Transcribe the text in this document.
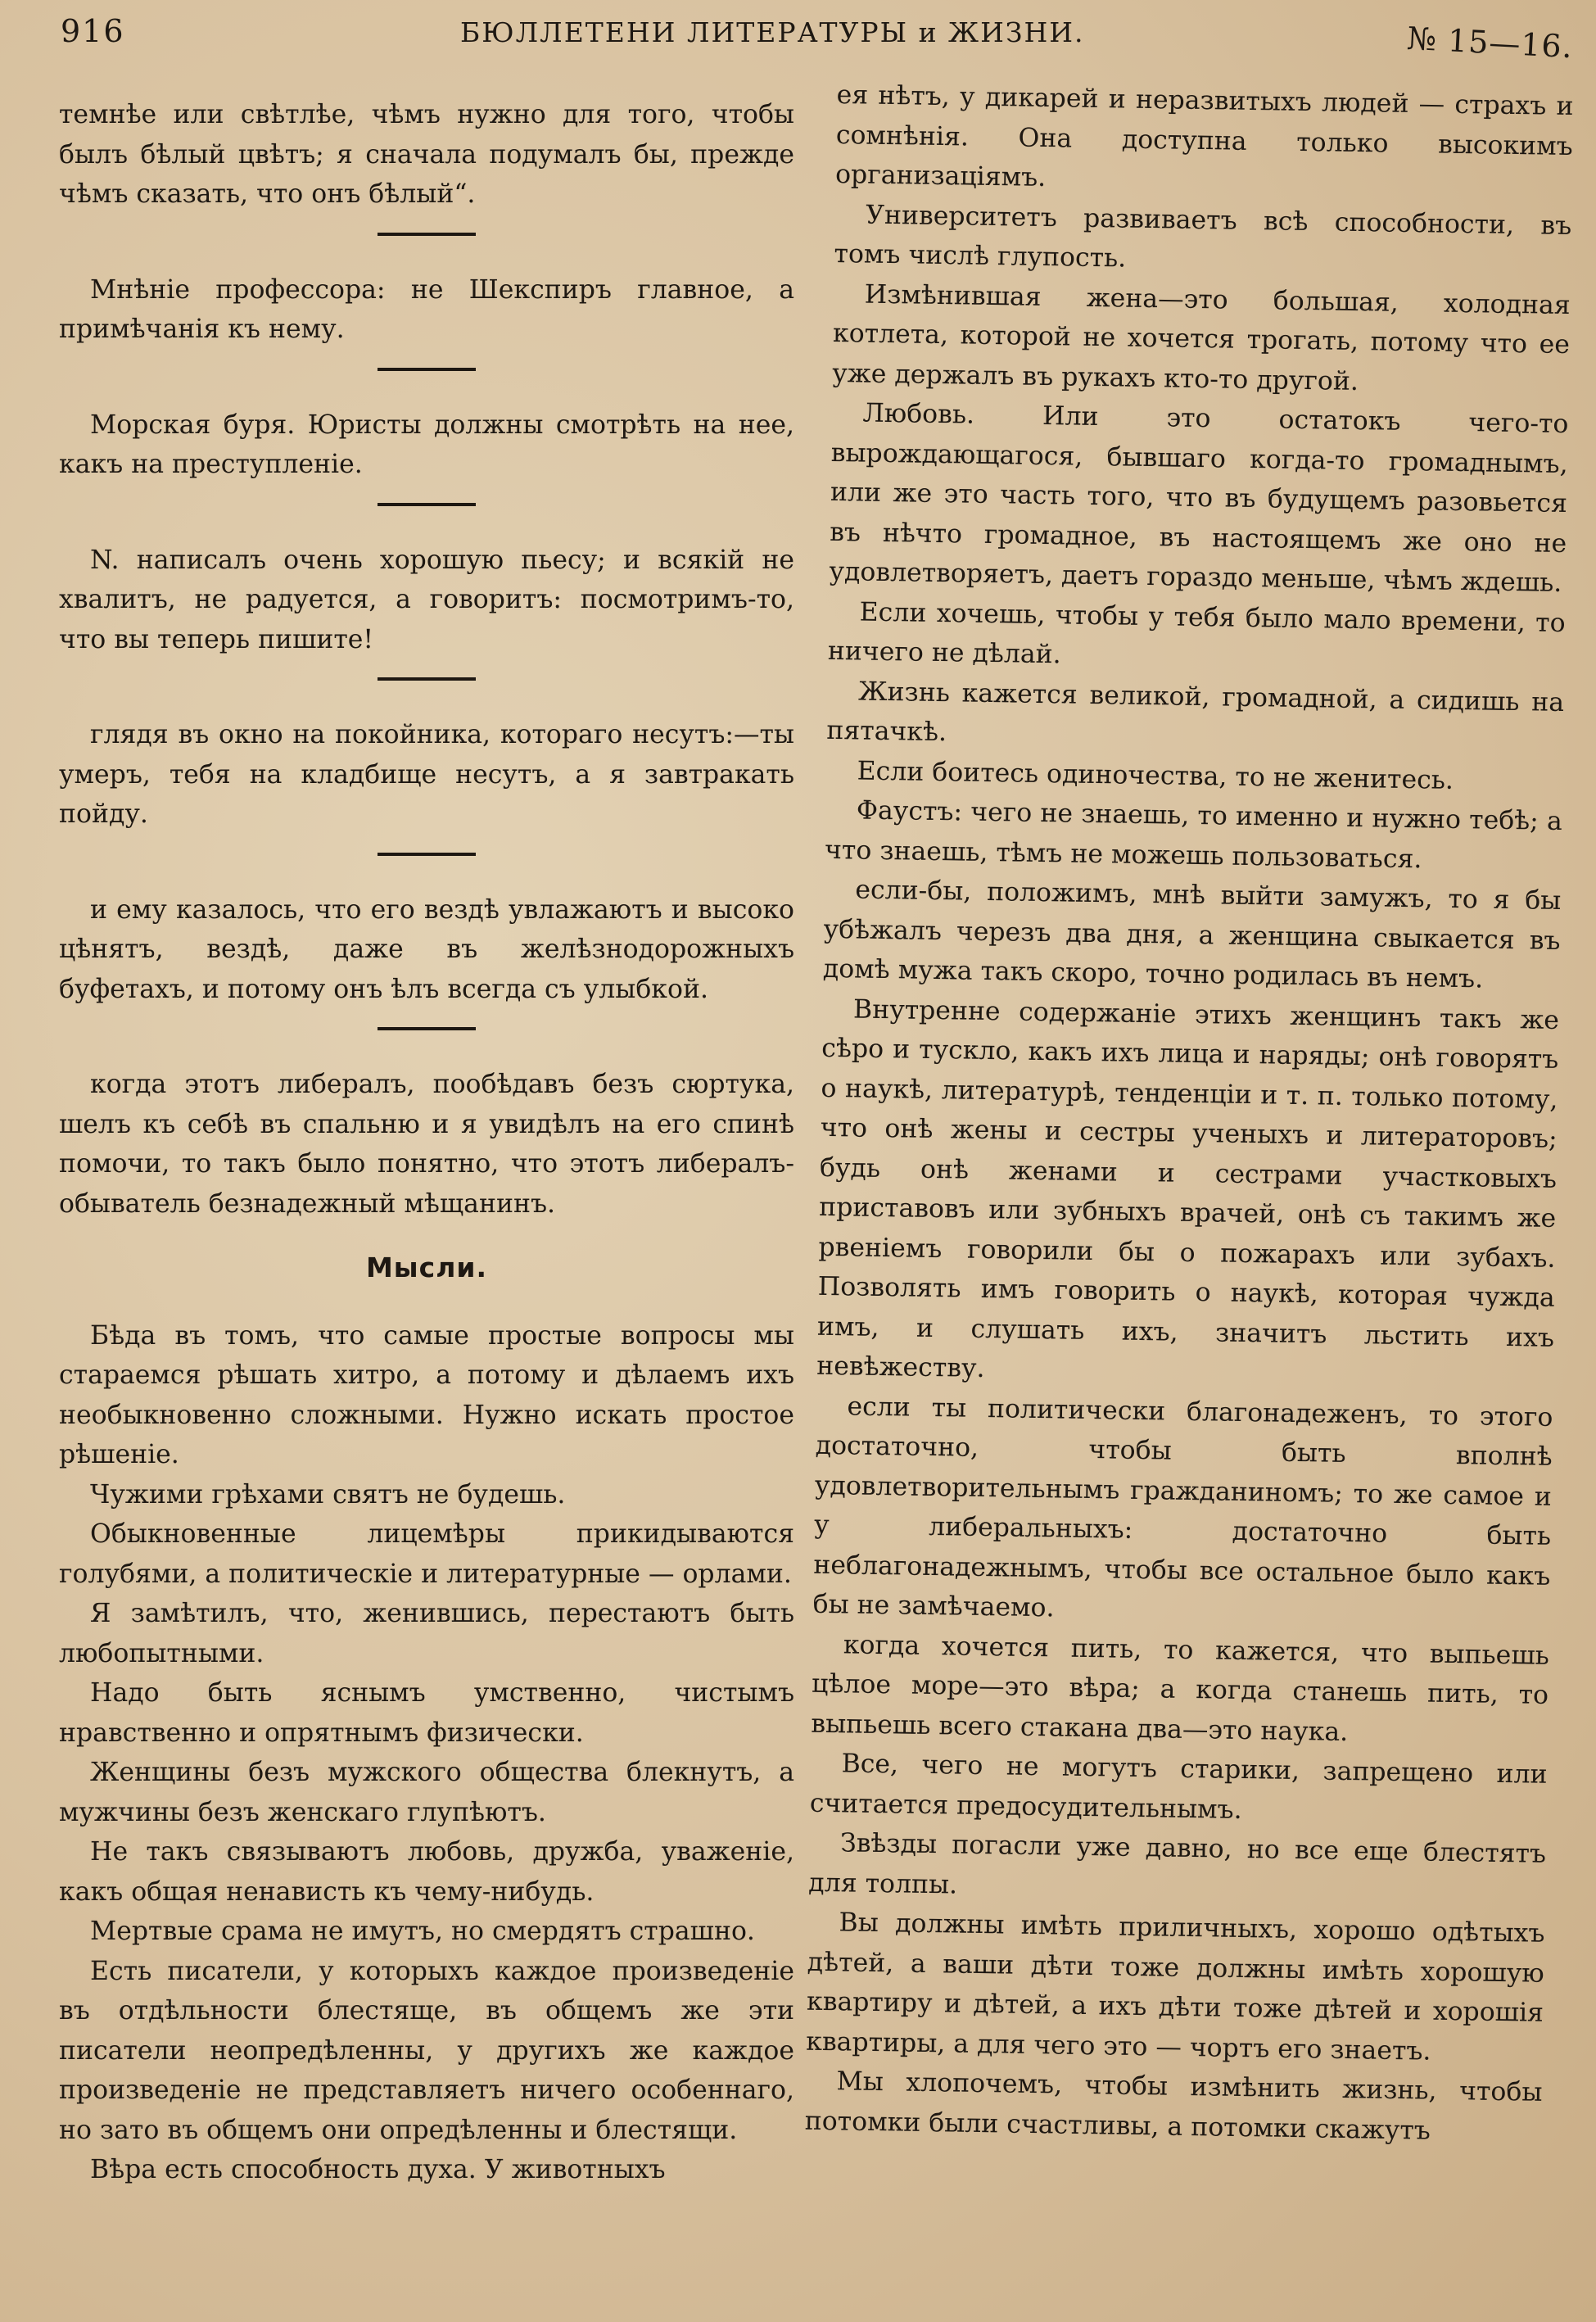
916	БЮЛЛЕТЕНИ ЛИТЕРАТУРЫ и ЖИЗНИ.	№ 15—16.

темнѣе или свѣтлѣе, чѣмъ нужно для того, чтобы былъ бѣлый цвѣтъ; я сначала подумалъ бы, прежде чѣмъ сказать, что онъ бѣлый“.

Мнѣніе профессора: не Шекспиръ главное, а примѣчанія къ нему.

Морская буря. Юристы должны смотрѣть на нее, какъ на преступленіе.

N. написалъ очень хорошую пьесу; и всякій не хвалитъ, не радуется, а говоритъ: посмотримъ-то, что вы теперь пишите!

глядя въ окно на покойника, котораго несутъ:—ты умеръ, тебя на кладбище несутъ, а я завтракать пойду.

и ему казалось, что его вездѣ увлажаютъ и высоко цѣнятъ, вездѣ, даже въ желѣзнодорожныхъ буфетахъ, и потому онъ ѣлъ всегда съ улыбкой.

когда этотъ либералъ, пообѣдавъ безъ сюртука, шелъ къ себѣ въ спальню и я увидѣлъ на его спинѣ помочи, то такъ было понятно, что этотъ либералъ-обыватель безнадежный мѣщанинъ.

Мысли.

Бѣда въ томъ, что самые простые вопросы мы стараемся рѣшать хитро, а потому и дѣлаемъ ихъ необыкновенно сложными. Нужно искать простое рѣшеніе.

Чужими грѣхами святъ не будешь.

Обыкновенные лицемѣры прикидываются голубями, а политическіе и литературные — орлами.

Я замѣтилъ, что, женившись, перестаютъ быть любопытными.

Надо быть яснымъ умственно, чистымъ нравственно и опрятнымъ физически.

Женщины безъ мужского общества блекнутъ, а мужчины безъ женскаго глупѣютъ.

Не такъ связываютъ любовь, дружба, уваженіе, какъ общая ненависть къ чему-нибудь.

Мертвые срама не имутъ, но смердятъ страшно.

Есть писатели, у которыхъ каждое произведеніе въ отдѣльности блестяще, въ общемъ же эти писатели неопредѣленны, у другихъ же каждое произведеніе не представляетъ ничего особеннаго, но зато въ общемъ они опредѣленны и блестящи.

Вѣра есть способность духа. У животныхъ

ея нѣтъ, у дикарей и неразвитыхъ людей — страхъ и сомнѣнія. Она доступна только высокимъ организаціямъ.

Университетъ развиваетъ всѣ способности, въ томъ числѣ глупость.

Измѣнившая жена—это большая, холодная котлета, которой не хочется трогать, потому что ее уже держалъ въ рукахъ кто-то другой.

Любовь. Или это остатокъ чего-то вырождающагося, бывшаго когда-то громаднымъ, или же это часть того, что въ будущемъ разовьется въ нѣчто громадное, въ настоящемъ же оно не удовлетворяетъ, даетъ гораздо меньше, чѣмъ ждешь.

Если хочешь, чтобы у тебя было мало времени, то ничего не дѣлай.

Жизнь кажется великой, громадной, а сидишь на пятачкѣ.

Если боитесь одиночества, то не женитесь.

Фаустъ: чего не знаешь, то именно и нужно тебѣ; а что знаешь, тѣмъ не можешь пользоваться.

если-бы, положимъ, мнѣ выйти замужъ, то я бы убѣжалъ черезъ два дня, а женщина свыкается въ домѣ мужа такъ скоро, точно родилась въ немъ.

Внутренне содержаніе этихъ женщинъ такъ же сѣро и тускло, какъ ихъ лица и наряды; онѣ говорятъ о наукѣ, литературѣ, тенденціи и т. п. только потому, что онѣ жены и сестры ученыхъ и литераторовъ; будь онѣ женами и сестрами участковыхъ приставовъ или зубныхъ врачей, онѣ съ такимъ же рвеніемъ говорили бы о пожарахъ или зубахъ. Позволять имъ говорить о наукѣ, которая чужда имъ, и слушать ихъ, значитъ льстить ихъ невѣжеству.

если ты политически благонадеженъ, то этого достаточно, чтобы быть вполнѣ удовлетворительнымъ гражданиномъ; то же самое и у либеральныхъ: достаточно быть неблагонадежнымъ, чтобы все остальное было какъ бы не замѣчаемо.

когда хочется пить, то кажется, что выпьешь цѣлое море—это вѣра; а когда станешь пить, то выпьешь всего стакана два—это наука.

Все, чего не могутъ старики, запрещено или считается предосудительнымъ.

Звѣзды погасли уже давно, но все еще блестятъ для толпы.

Вы должны имѣть приличныхъ, хорошо одѣтыхъ дѣтей, а ваши дѣти тоже должны имѣть хорошую квартиру и дѣтей, а ихъ дѣти тоже дѣтей и хорошія квартиры, а для чего это — чортъ его знаетъ.

Мы хлопочемъ, чтобы измѣнить жизнь, чтобы потомки были счастливы, а потомки скажутъ
